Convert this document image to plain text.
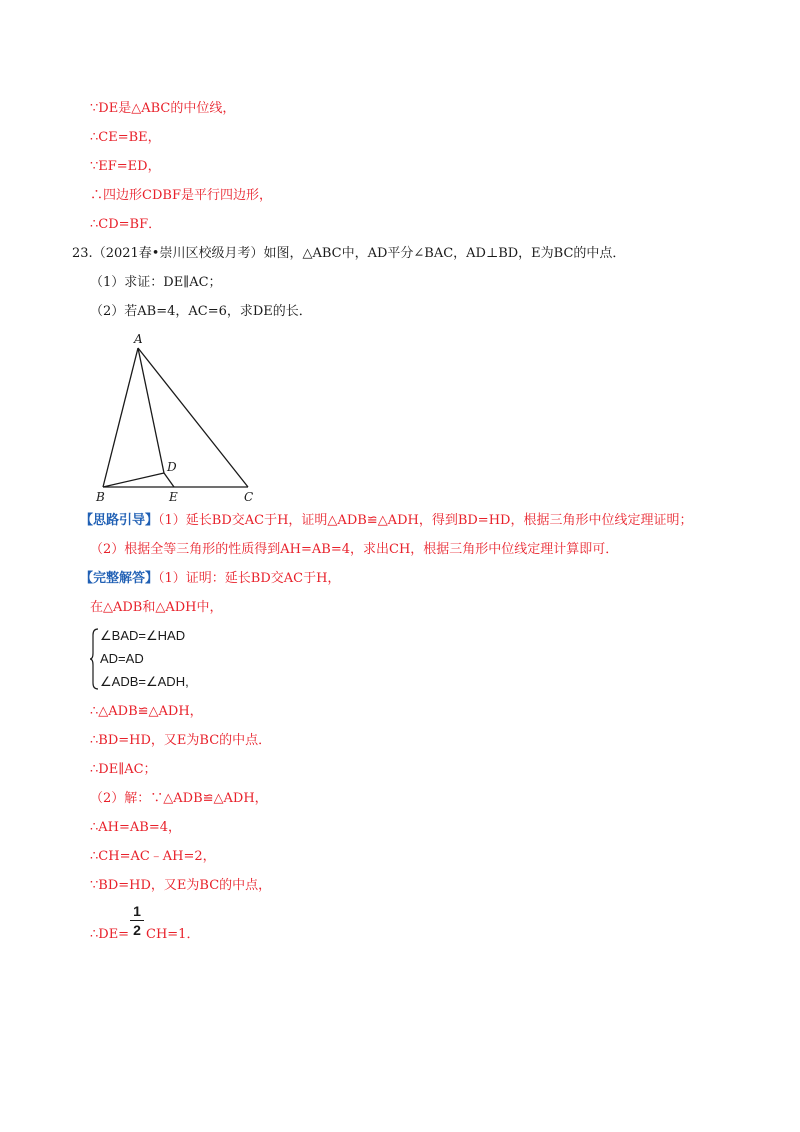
∵DE是△ABC的中位线，
∴CE=BE，
∵EF=ED，
∴四边形CDBF是平行四边形，
∴CD=BF．
23.（2021春•崇川区校级月考）如图，△ABC中，AD平分∠BAC，AD⊥BD，E为BC的中点．
（1）求证：DE∥AC；
（2）若AB=4，AC=6，求DE的长．
A
B	C
D
E
【思路引导】（1）延长BD交AC于H，证明△ADB≌△ADH，得到BD=HD，根据三角形中位线定理证明；
（2）根据全等三角形的性质得到AH=AB=4，求出CH，根据三角形中位线定理计算即可．
【完整解答】（1）证明：延长BD交AC于H，
在△ADB和△ADH中，
∠BAD=∠HAD
AD=AD
∠ADB=∠ADH,
∴△ADB≌△ADH，
∴BD=HD，又E为BC的中点．
∴DE∥AC；
（2）解：∵△ADB≌△ADH，
∴AH=AB=4，
∴CH=AC﹣AH=2，
∵BD=HD，又E为BC的中点，
∴DE=
1
2 CH=1．
